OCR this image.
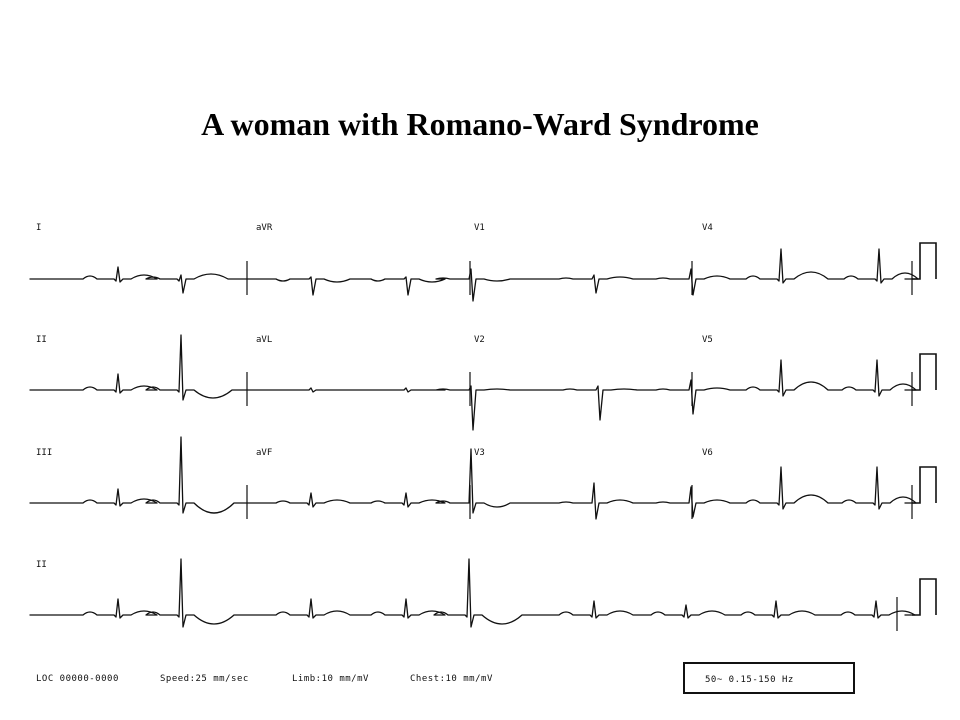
A woman with Romano-Ward Syndrome
I	aVR	V1	V4
II	aVL	V2	V5
III	aVF	V3	V6
II
LOC 00000-0000	Speed:25 mm/sec	Limb:10 mm/mV	Chest:10 mm/mV	50~ 0.15-150 Hz
